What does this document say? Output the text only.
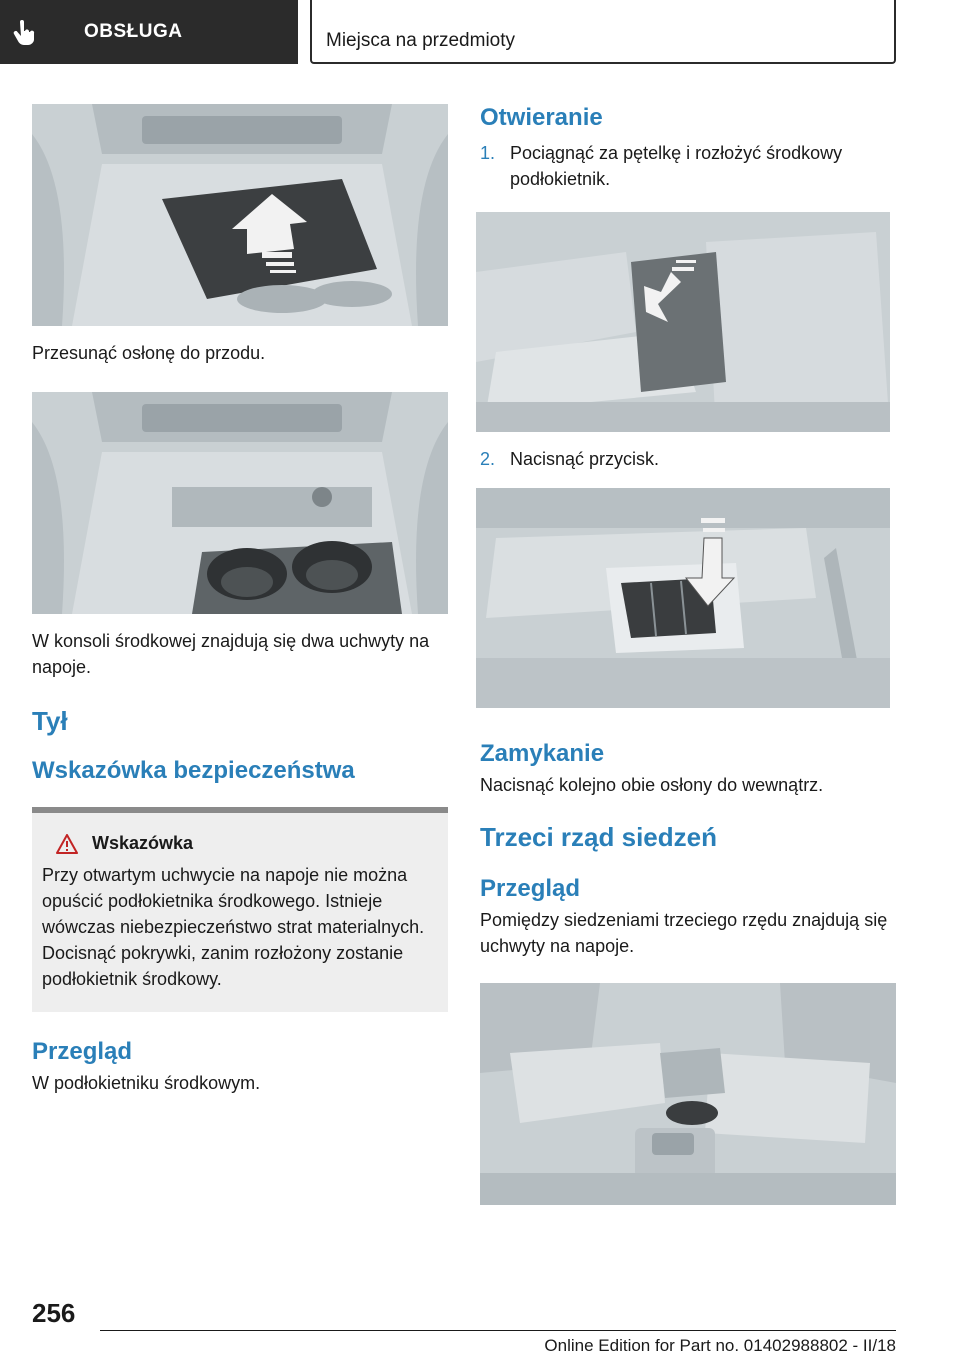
OBSŁUGA	Miejsca na przedmioty

Przesunąć osłonę do przodu.

W konsoli środkowej znajdują się dwa uchwyty na napoje.

Tył
Wskazówka bezpieczeństwa
Wskazówka

Przy otwartym uchwycie na napoje nie można opuścić podłokietnika środkowego. Istnieje wówczas niebezpieczeństwo strat materialnych. Docisnąć pokrywki, zanim rozłożony zostanie podłokietnik środkowy.

Przegląd

W podłokietniku środkowym.

Otwieranie
1. Pociągnąć za pętelkę i rozłożyć środkowy podłokietnik.
2. Nacisnąć przycisk.
Zamykanie

Nacisnąć kolejno obie osłony do wewnątrz.

Trzeci rząd siedzeń
Przegląd

Pomiędzy siedzeniami trzeciego rzędu znajdują się uchwyty na napoje.

256
Online Edition for Part no. 01402988802 - II/18
